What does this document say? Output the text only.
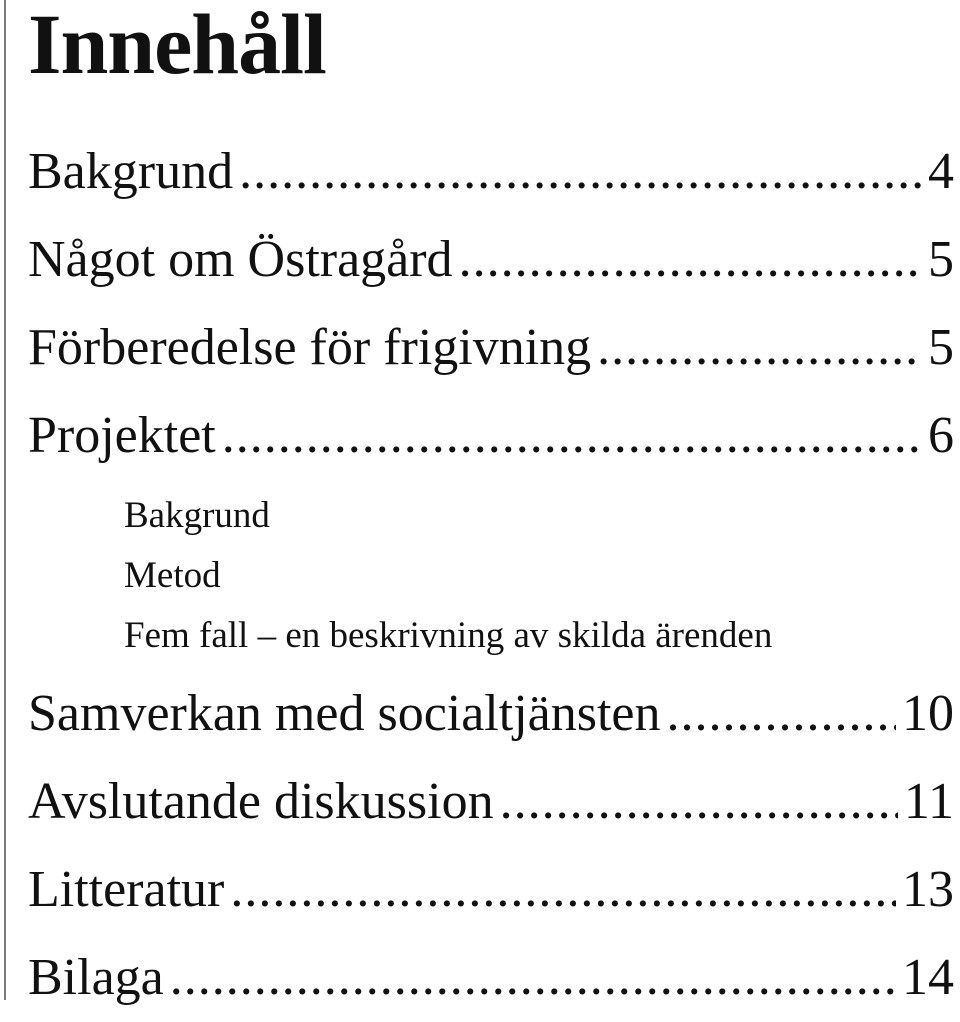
Innehåll
Bakgrund .....	4
Något om Östragård .....	5
Förberedelse för frigivning .....	5
Projektet .....	6
Bakgrund
Metod
Fem fall – en beskrivning av skilda ärenden
Samverkan med socialtjänsten .....	10
Avslutande diskussion .....	11
Litteratur .....	13
Bilaga .....	14
